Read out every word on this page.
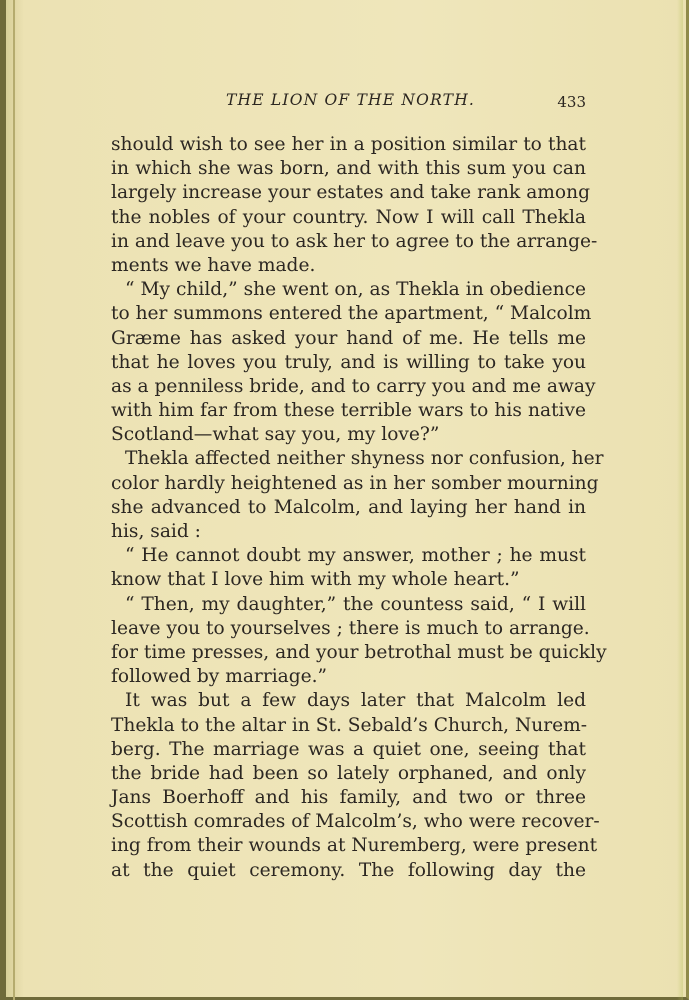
THE LION OF THE NORTH.	433
should wish to see her in a position similar to that
in which she was born, and with this sum you can
largely increase your estates and take rank among
the nobles of your country. Now I will call Thekla
in and leave you to ask her to agree to the arrange-
ments we have made.
“ My child,” she went on, as Thekla in obedience
to her summons entered the apartment, “ Malcolm
Græme has asked your hand of me. He tells me
that he loves you truly, and is willing to take you
as a penniless bride, and to carry you and me away
with him far from these terrible wars to his native
Scotland—what say you, my love?”
Thekla affected neither shyness nor confusion, her
color hardly heightened as in her somber mourning
she advanced to Malcolm, and laying her hand in
his, said :
“ He cannot doubt my answer, mother ; he must
know that I love him with my whole heart.”
“ Then, my daughter,” the countess said, “ I will
leave you to yourselves ; there is much to arrange.
for time presses, and your betrothal must be quickly
followed by marriage.”
It was but a few days later that Malcolm led
Thekla to the altar in St. Sebald’s Church, Nurem-
berg. The marriage was a quiet one, seeing that
the bride had been so lately orphaned, and only
Jans Boerhoff and his family, and two or three
Scottish comrades of Malcolm’s, who were recover-
ing from their wounds at Nuremberg, were present
at the quiet ceremony. The following day the
